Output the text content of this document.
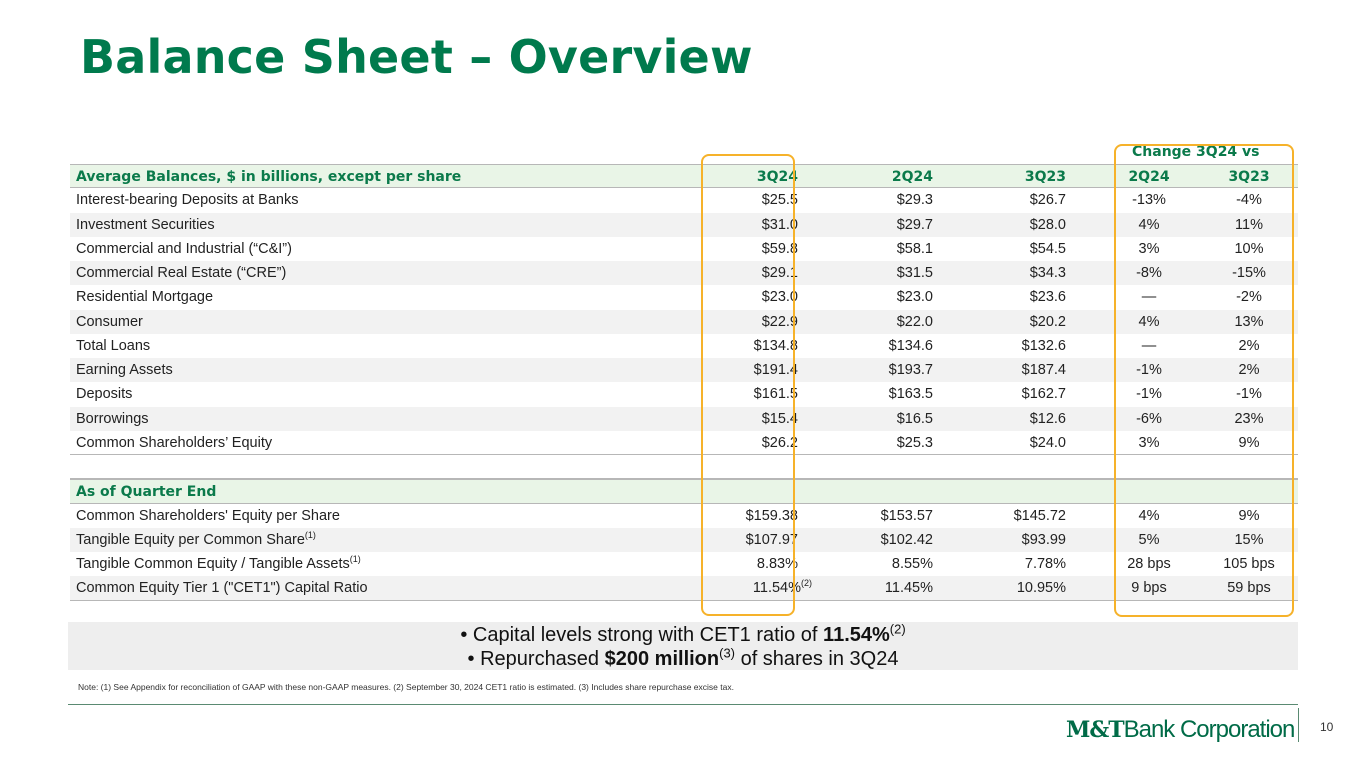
Balance Sheet – Overview
Change 3Q24 vs
Average Balances, $ in billions, except per share	3Q24	2Q24	3Q23	2Q24	3Q23
Interest-bearing Deposits at Banks	$25.5	$29.3	$26.7	-13%	-4%
Investment Securities	$31.0	$29.7	$28.0	4%	11%
Commercial and Industrial (“C&I”)	$59.8	$58.1	$54.5	3%	10%
Commercial Real Estate (“CRE”)	$29.1	$31.5	$34.3	-8%	-15%
Residential Mortgage	$23.0	$23.0	$23.6	—	-2%
Consumer	$22.9	$22.0	$20.2	4%	13%
Total Loans	$134.8	$134.6	$132.6	—	2%
Earning Assets	$191.4	$193.7	$187.4	-1%	2%
Deposits	$161.5	$163.5	$162.7	-1%	-1%
Borrowings	$15.4	$16.5	$12.6	-6%	23%
Common Shareholders’ Equity	$26.2	$25.3	$24.0	3%	9%
As of Quarter End
Common Shareholders' Equity per Share	$159.38	$153.57	$145.72	4%	9%
Tangible Equity per Common Share$^{(1)}$	$107.97	$102.42	$93.99	5%	15%
Tangible Common Equity / Tangible Assets$^{(1)}$	8.83%	8.55%	7.78%	28 bps	105 bps
Common Equity Tier 1 ("CET1") Capital Ratio	11.54%$^{(2)}$	11.45%	10.95%	9 bps	59 bps
• Capital levels strong with CET1 ratio of 11.54%$^{(2)}$
• Repurchased $200 million$^{(3)}$ of shares in 3Q24
Note: (1) See Appendix for reconciliation of GAAP with these non-GAAP measures. (2) September 30, 2024 CET1 ratio is estimated. (3) Includes share repurchase excise tax.
M&TBank Corporation 10
